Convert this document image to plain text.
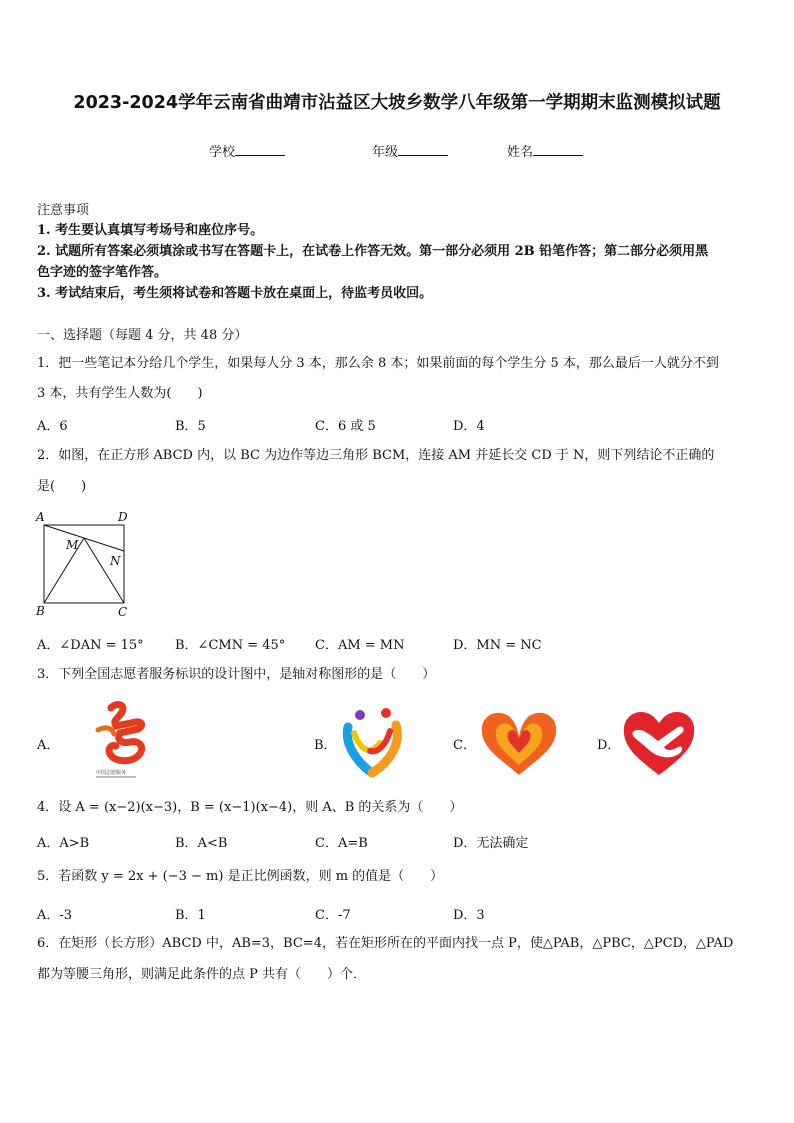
2023-2024学年云南省曲靖市沾益区大坡乡数学八年级第一学期期末监测模拟试题
学校	年级	姓名
注意事项
1. 考生要认真填写考场号和座位序号。
2. 试题所有答案必须填涂或书写在答题卡上，在试卷上作答无效。第一部分必须用 2B 铅笔作答；第二部分必须用黑
色字迹的签字笔作答。
3. 考试结束后，考生须将试卷和答题卡放在桌面上，待监考员收回。
一、选择题（每题 4 分，共 48 分）
1．把一些笔记本分给几个学生，如果每人分 3 本，那么余 8 本；如果前面的每个学生分 5 本，那么最后一人就分不到
3 本，共有学生人数为(　　)
A．6	B．5	C．6 或 5	D．4
2．如图，在正方形 ABCD 内，以 BC 为边作等边三角形 BCM，连接 AM 并延长交 CD 于 N，则下列结论不正确的
是(　　)
A	D
M
N
B	C
A．∠DAN = 15° B．∠CMN = 45° C．AM = MN	D．MN = NC
3．下列全国志愿者服务标识的设计图中，是轴对称图形的是（　　）
A．
中国志愿服务
B．	C．	D．
4．设 A = (x−2)(x−3)，B = (x−1)(x−4)，则 A、B 的关系为（　　）
A．A>B	B．A<B	C．A=B	D．无法确定
5．若函数 y = 2x + (−3 − m) 是正比例函数，则 m 的值是（　　）
A．-3	B．1	C．-7	D．3
6．在矩形（长方形）ABCD 中，AB=3，BC=4，若在矩形所在的平面内找一点 P，使△PAB，△PBC，△PCD，△PAD
都为等腰三角形，则满足此条件的点 P 共有（　　）个．
